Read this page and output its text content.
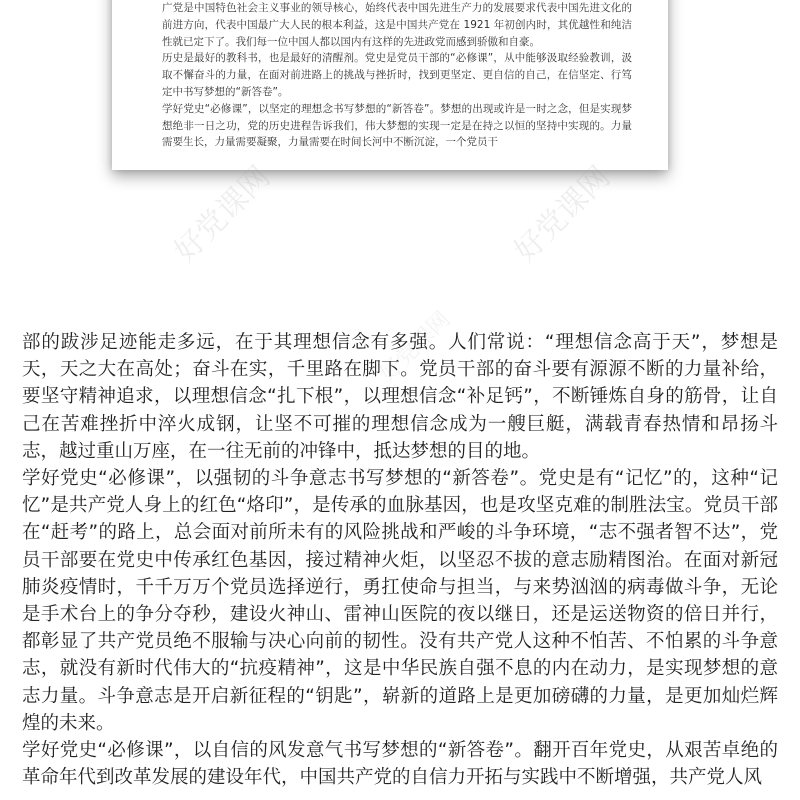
广党是中国特色社会主义事业的领导核心，始终代表中国先进生产力的发展要求代表中国先进文化的前进方向，代表中国最广大人民的根本利益，这是中国共产党在 1921 年初创内时，其优越性和纯洁性就已定下了。我们每一位中国人都以国内有这样的先进政党而感到骄傲和自豪。

历史是最好的教科书，也是最好的清醒剂。党史是党员干部的“必修课”，从中能够汲取经验教训，汲取不懈奋斗的力量，在面对前进路上的挑战与挫折时，找到更坚定、更自信的自己，在信坚定、行笃定中书写梦想的“新答卷”。

学好党史“必修课”，以坚定的理想念书写梦想的“新答卷”。梦想的出现或许是一时之念，但是实现梦想绝非一日之功，党的历史进程告诉我们，伟大梦想的实现一定是在持之以恒的坚持中实现的。力量需要生长，力量需要凝聚，力量需要在时间长河中不断沉淀，一个党员干

好党课网	好党课网
好党课网

部的跋涉足迹能走多远，在于其理想信念有多强。人们常说：“理想信念高于天”，梦想是天，天之大在高处；奋斗在实，千里路在脚下。党员干部的奋斗要有源源不断的力量补给，要坚守精神追求，以理想信念“扎下根”，以理想信念“补足钙”，不断锤炼自身的筋骨，让自己在苦难挫折中淬火成钢，让坚不可摧的理想信念成为一艘巨艇，满载青春热情和昂扬斗志，越过重山万座，在一往无前的冲锋中，抵达梦想的目的地。

学好党史“必修课”，以强韧的斗争意志书写梦想的“新答卷”。党史是有“记忆”的，这种“记忆”是共产党人身上的红色“烙印”，是传承的血脉基因，也是攻坚克难的制胜法宝。党员干部在“赶考”的路上，总会面对前所未有的风险挑战和严峻的斗争环境，“志不强者智不达”，党员干部要在党史中传承红色基因，接过精神火炬，以坚忍不拔的意志励精图治。在面对新冠肺炎疫情时，千千万万个党员选择逆行，勇扛使命与担当，与来势汹汹的病毒做斗争，无论是手术台上的争分夺秒，建设火神山、雷神山医院的夜以继日，还是运送物资的倍日并行，都彰显了共产党员绝不服输与决心向前的韧性。没有共产党人这种不怕苦、不怕累的斗争意志，就没有新时代伟大的“抗疫精神”，这是中华民族自强不息的内在动力，是实现梦想的意志力量。斗争意志是开启新征程的“钥匙”，崭新的道路上是更加磅礴的力量，是更加灿烂辉煌的未来。

学好党史“必修课”，以自信的风发意气书写梦想的“新答卷”。翻开百年党史，从艰苦卓绝的革命年代到改革发展的建设年代，中国共产党的自信力开拓与实践中不断增强，共产党人风
